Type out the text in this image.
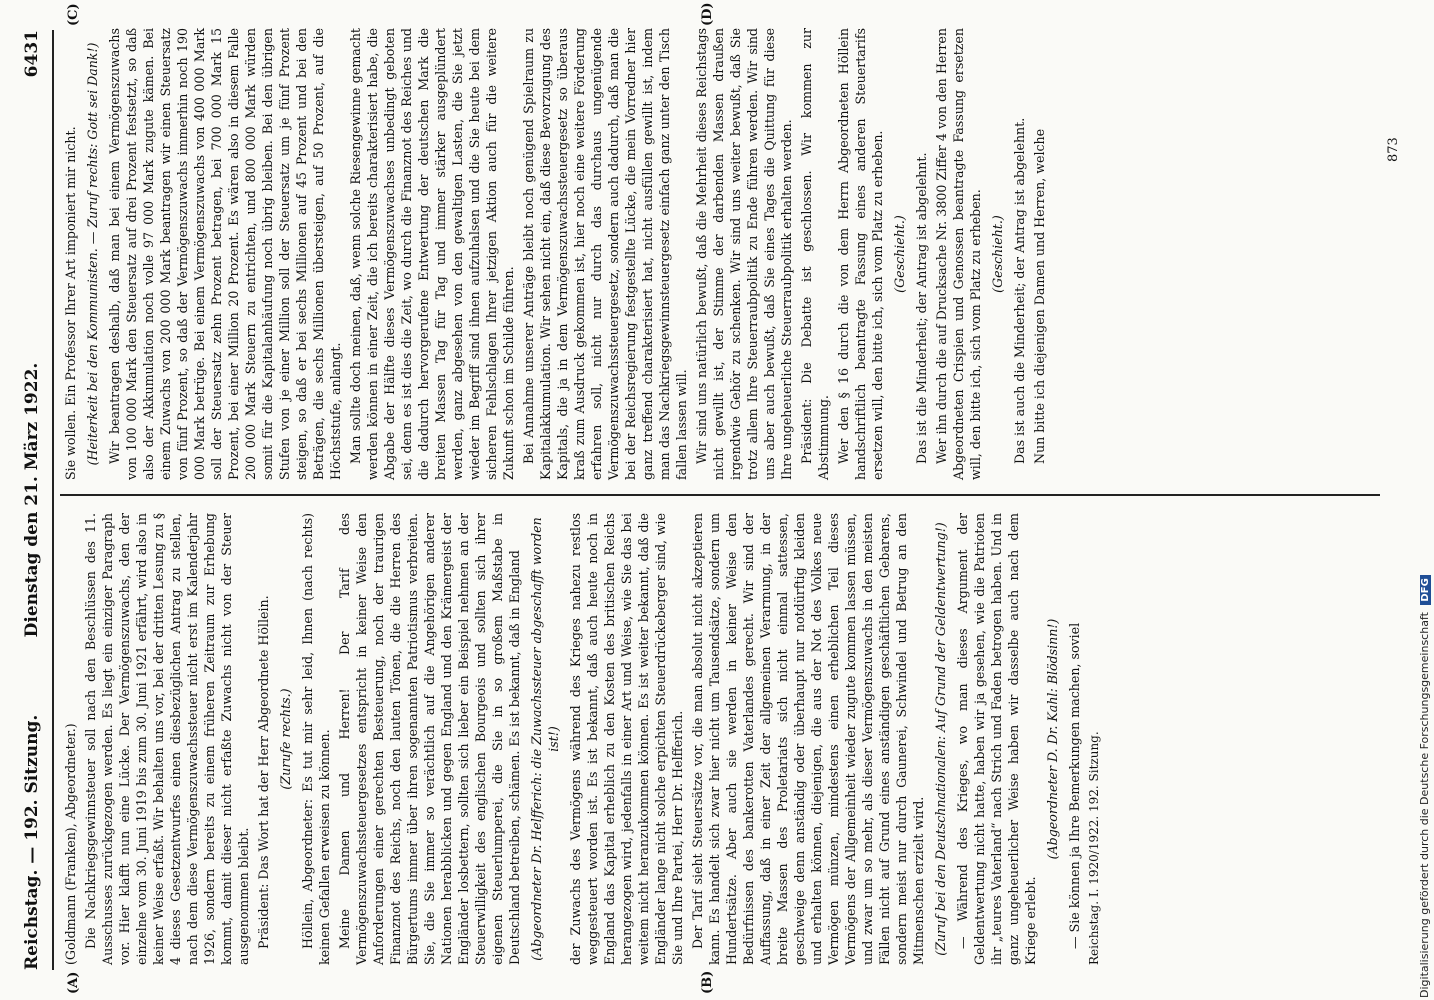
Reichstag. — 192. Sitzung.
Dienstag den 21. März 1922.
6431
(A)	(B)
(C)	(D)

(Goldmann (Franken), Abgeordneter.) Die Nachkriegsgewinnsteuer soll nach den Beschlüssen des 11. Ausschusses zurückgezogen werden. Es liegt ein einziger Paragraph vor. Hier klafft nun eine Lücke. Der Vermögenszuwachs, den der einzelne vom 30. Juni 1919 bis zum 30. Juni 1921 erfährt, wird also in keiner Weise erfaßt. Wir behalten uns vor, bei der dritten Lesung zu § 4 dieses Gesetzentwurfes einen diesbezüglichen Antrag zu stellen, nach dem diese Vermögenszuwachssteuer nicht erst im Kalenderjahr 1926, sondern bereits zu einem früheren Zeitraum zur Erhebung kommt, damit dieser nicht erfaßte Zuwachs nicht von der Steuer ausgenommen bleibt. Präsident: Das Wort hat der Herr Abgeordnete Höllein. (Zurufe rechts.) Höllein, Abgeordneter: Es tut mir sehr leid, Ihnen (nach rechts) keinen Gefallen erweisen zu können. Meine Damen und Herren! Der Tarif des Vermögenszuwachssteuergesetzes entspricht in keiner Weise den Anforderungen einer gerechten Besteuerung, noch der traurigen Finanznot des Reichs, noch den lauten Tönen, die die Herren des Bürgertums immer über ihren sogenannten Patriotismus verbreiten. Sie, die Sie immer so verächtlich auf die Angehörigen anderer Nationen herabblicken und gegen England und den Krämergeist der Engländer losbettern, sollten sich lieber ein Beispiel nehmen an der Steuerwilligkeit des englischen Bourgeois und sollten sich ihrer eigenen Steuerlumperei, die Sie in so großem Maßstabe in Deutschland betreiben, schämen. Es ist bekannt, daß in England (Abgeordneter Dr. Helfferich: die Zuwachssteuer abgeschafft worden ist!) der Zuwachs des Vermögens während des Krieges nahezu restlos weggesteuert worden ist. Es ist bekannt, daß auch heute noch in England das Kapital erheblich zu den Kosten des britischen Reichs herangezogen wird, jedenfalls in einer Art und Weise, wie Sie das bei weitem nicht heranzukommen können. Es ist weiter bekannt, daß die Engländer lange nicht solche erpichten Steuerdrückeberger sind, wie Sie und Ihre Partei, Herr Dr. Helfferich. Der Tarif sieht Steuersätze vor, die man absolut nicht akzeptieren kann. Es handelt sich zwar hier nicht um Tausendsätze, sondern um Hundertsätze. Aber auch sie werden in keiner Weise den Bedürfnissen des bankerotten Vaterlandes gerecht. Wir sind der Auffassung, daß in einer Zeit der allgemeinen Verarmung, in der breite Massen des Proletariats sich nicht einmal sattessen, geschweige denn anständig oder überhaupt nur notdürftig kleiden und erhalten können, diejenigen, die aus der Not des Volkes neue Vermögen münzen, mindestens einen erheblichen Teil dieses Vermögens der Allgemeinheit wieder zugute kommen lassen müssen, und zwar um so mehr, als dieser Vermögenszuwachs in den meisten Fällen nicht auf Grund eines anständigen geschäftlichen Gebarens, sondern meist nur durch Gaunerei, Schwindel und Betrug an den Mitmenschen erzielt wird. (Zuruf bei den Deutschnationalen: Auf Grund der Geldentwertung!) — Während des Krieges, wo man dieses Argument der Geldentwertung nicht hatte, haben wir ja gesehen, wie die Patrioten ihr „teures Vaterland“ nach Strich und Faden betrogen haben. Und in ganz ungeheuerlicher Weise haben wir dasselbe auch nach dem Kriege erlebt.

(Abgeordneter D. Dr. Kahl: Blödsinn!) — Sie können ja Ihre Bemerkungen machen, soviel Reichstag. I. 1920/1922. 192. Sitzung.

Sie wollen. Ein Professor Ihrer Art imponiert mir nicht. (Heiterkeit bei den Kommunisten. — Zuruf rechts: Gott sei Dank!) Wir beantragen deshalb, daß man bei einem Vermögenszuwachs von 100 000 Mark den Steuersatz auf drei Prozent festsetzt, so daß also der Akkumulation noch volle 97 000 Mark zugute kämen. Bei einem Zuwachs von 200 000 Mark beantragen wir einen Steuersatz von fünf Prozent, so daß der Vermögenszuwachs immerhin noch 190 000 Mark betrüge. Bei einem Vermögenszuwachs von 400 000 Mark soll der Steuersatz zehn Prozent betragen, bei 700 000 Mark 15 Prozent, bei einer Million 20 Prozent. Es wären also in diesem Falle 200 000 Mark Steuern zu entrichten, und 800 000 Mark würden somit für die Kapitalanhäufung noch übrig bleiben. Bei den übrigen Stufen von je einer Million soll der Steuersatz um je fünf Prozent steigen, so daß er bei sechs Millionen auf 45 Prozent und bei den Beträgen, die sechs Millionen übersteigen, auf 50 Prozent, auf die Höchststufe, anlangt. Man sollte doch meinen, daß, wenn solche Riesengewinne gemacht werden können in einer Zeit, die ich bereits charakterisiert habe, die Abgabe der Hälfte dieses Vermögenszuwachses unbedingt geboten sei, denn es ist dies die Zeit, wo durch die Finanznot des Reiches und die dadurch hervorgerufene Entwertung der deutschen Mark die breiten Massen Tag für Tag und immer stärker ausgeplündert werden, ganz abgesehen von den gewaltigen Lasten, die Sie jetzt wieder im Begriff sind ihnen aufzuhalsen und die Sie heute bei dem sicheren Fehlschlagen Ihrer jetzigen Aktion auch für die weitere Zukunft schon im Schilde führen. Bei Annahme unserer Anträge bleibt noch genügend Spielraum zu Kapitalakkumulation. Wir sehen nicht ein, daß diese Bevorzugung des Kapitals, die ja in dem Vermögenszuwachssteuergesetz so überaus kraß zum Ausdruck gekommen ist, hier noch eine weitere Förderung erfahren soll, nicht nur durch das durchaus ungenügende Vermögenszuwachssteuergesetz, sondern auch dadurch, daß man die bei der Reichsregierung festgestellte Lücke, die mein Vorredner hier ganz treffend charakterisiert hat, nicht ausfüllen gewillt ist, indem man das Nachkriegsgewinnsteuergesetz einfach ganz unter den Tisch fallen lassen will. Wir sind uns natürlich bewußt, daß die Mehrheit dieses Reichstags nicht gewillt ist, der Stimme der darbenden Massen draußen irgendwie Gehör zu schenken. Wir sind uns weiter bewußt, daß Sie trotz allem Ihre Steuerraubpolitik zu Ende führen werden. Wir sind uns aber auch bewußt, daß Sie eines Tages die Quittung für diese Ihre ungeheuerliche Steuerraubpolitik erhalten werden. Präsident: Die Debatte ist geschlossen. Wir kommen zur Abstimmung. Wer den § 16 durch die von dem Herrn Abgeordneten Höllein handschriftlich beantragte Fassung eines anderen Steuertarifs ersetzen will, den bitte ich, sich vom Platz zu erheben. (Geschieht.) Das ist die Minderheit; der Antrag ist abgelehnt. Wer ihn durch die auf Drucksache Nr. 3800 Ziffer 4 von den Herren Abgeordneten Crispien und Genossen beantragte Fassung ersetzen will, den bitte ich, sich vom Platz zu erheben. (Geschieht.) Das ist auch die Minderheit; der Antrag ist abgelehnt. Nun bitte ich diejenigen Damen und Herren, welche	873
Digitalisierung gefördert durch die Deutsche Forschungsgemeinschaft DFG
